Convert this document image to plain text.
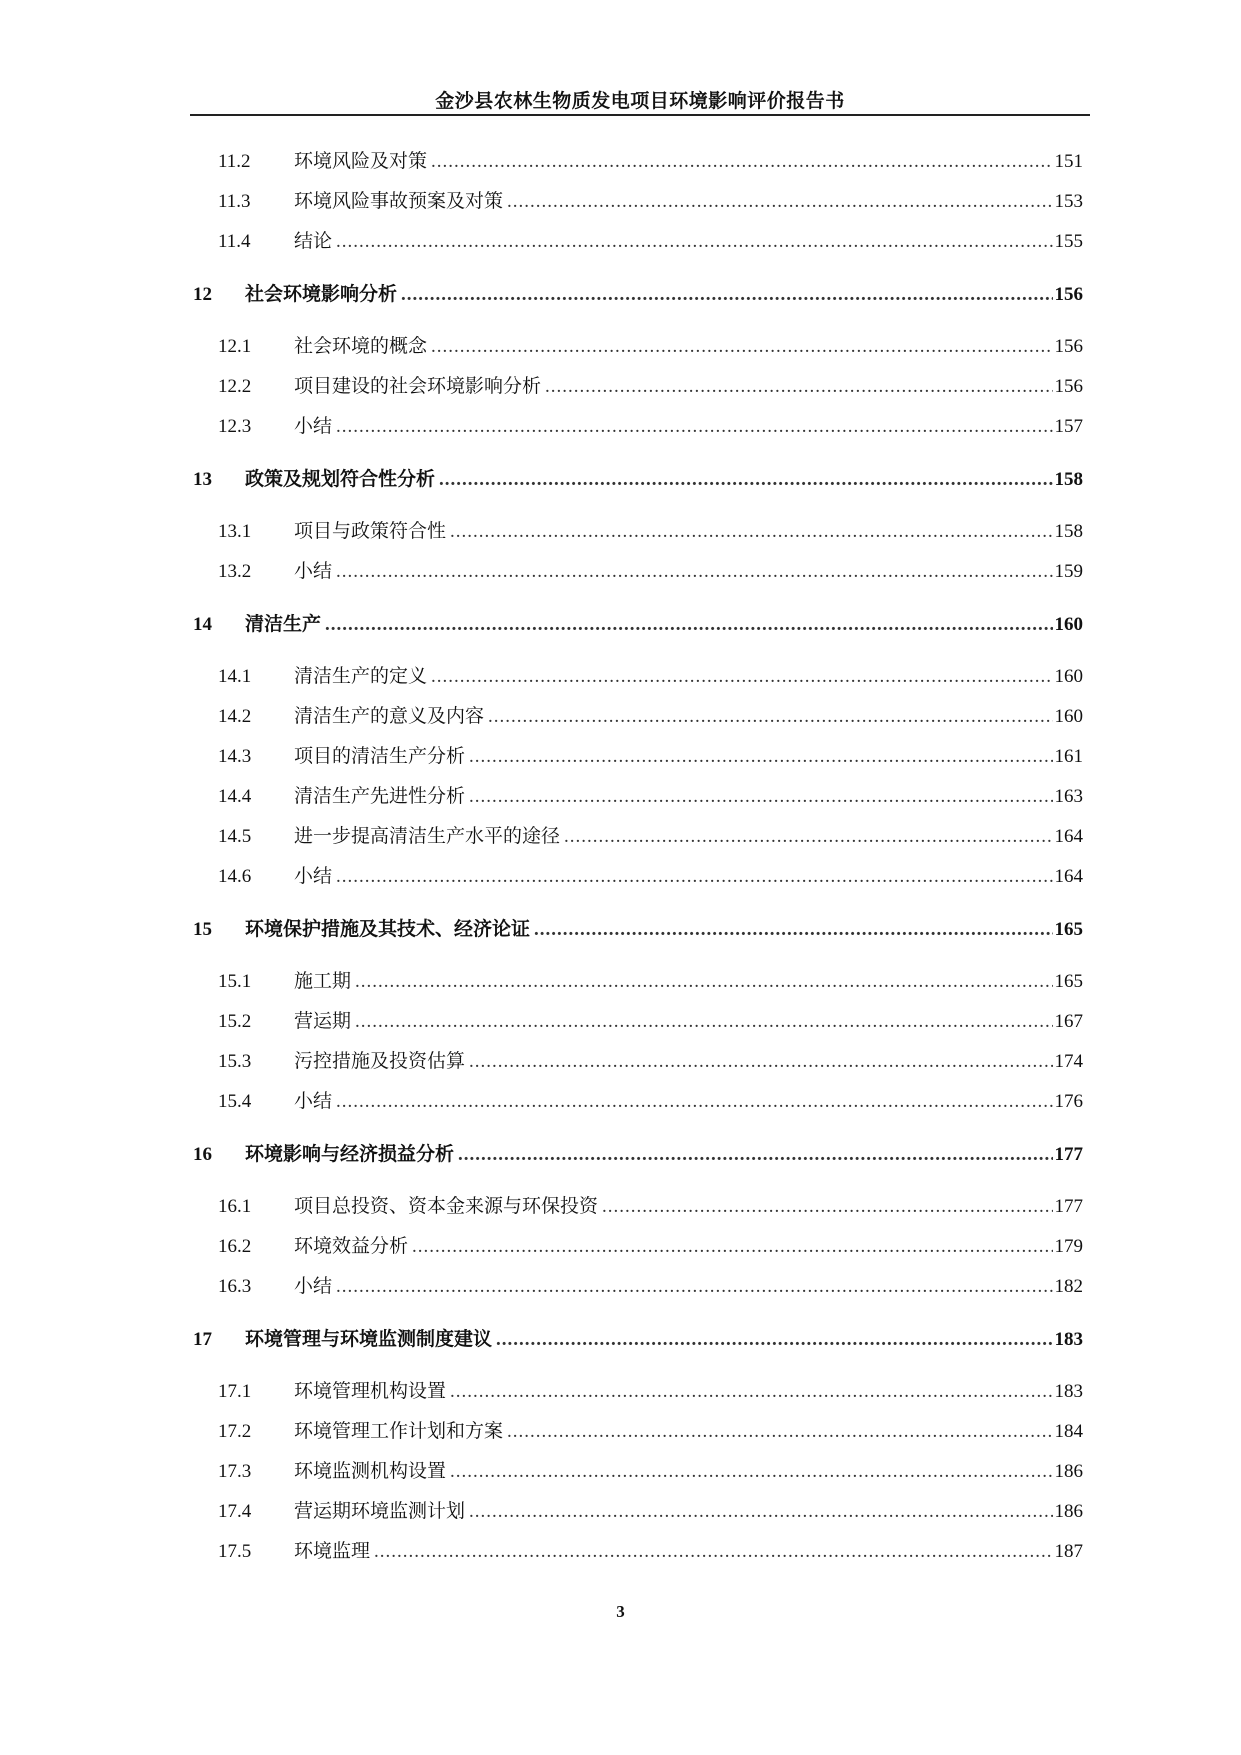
金沙县农林生物质发电项目环境影响评价报告书
11.2	环境风险及对策 .....	151
11.3	环境风险事故预案及对策 .....	153
11.4	结论 .....	155
12	社会环境影响分析 .....	156
12.1	社会环境的概念 .....	156
12.2	项目建设的社会环境影响分析 .....	156
12.3	小结 .....	157
13	政策及规划符合性分析 .....	158
13.1	项目与政策符合性 .....	158
13.2	小结 .....	159
14	清洁生产 .....	160
14.1	清洁生产的定义 .....	160
14.2	清洁生产的意义及内容 .....	160
14.3	项目的清洁生产分析 .....	161
14.4	清洁生产先进性分析 .....	163
14.5	进一步提高清洁生产水平的途径 .....	164
14.6	小结 .....	164
15	环境保护措施及其技术、经济论证 .....	165
15.1	施工期 .....	165
15.2	营运期 .....	167
15.3	污控措施及投资估算 .....	174
15.4	小结 .....	176
16	环境影响与经济损益分析 .....	177
16.1	项目总投资、资本金来源与环保投资 .....	177
16.2	环境效益分析 .....	179
16.3	小结 .....	182
17	环境管理与环境监测制度建议 .....	183
17.1	环境管理机构设置 .....	183
17.2	环境管理工作计划和方案 .....	184
17.3	环境监测机构设置 .....	186
17.4	营运期环境监测计划 .....	186
17.5	环境监理 .....	187
3
